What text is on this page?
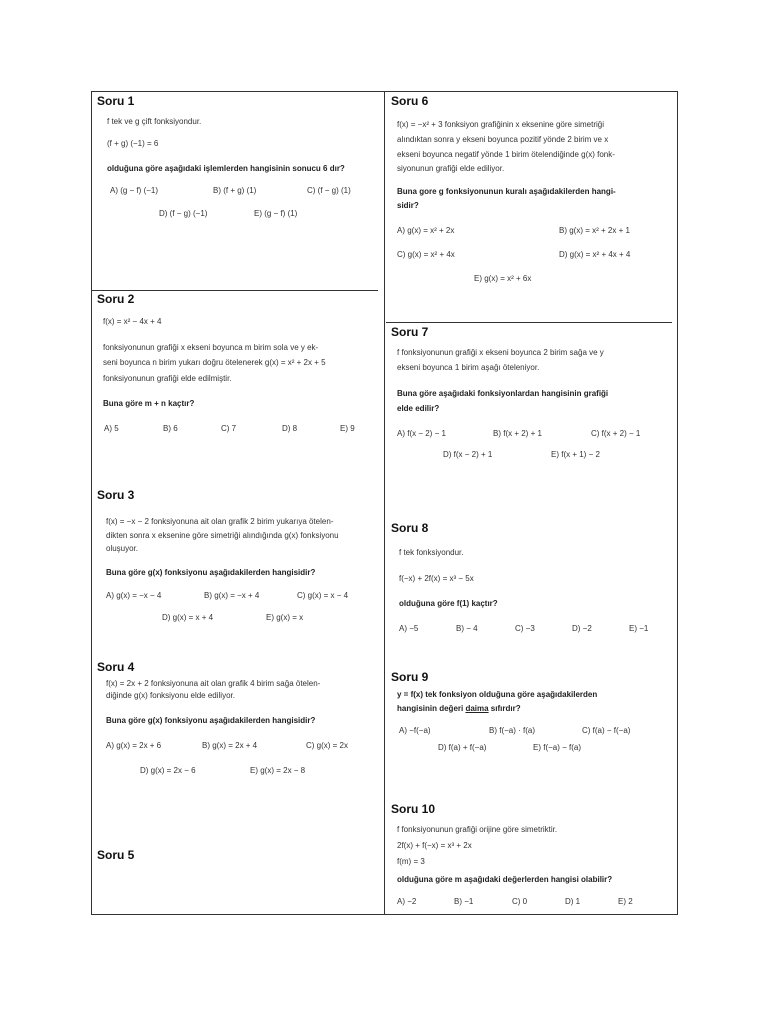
Soru 1
f tek ve g çift fonksiyondur.
(f + g) (−1) = 6
olduğuna göre aşağıdaki işlemlerden hangisinin sonucu 6 dır?
A) (g − f) (−1)	B) (f + g) (1)	C) (f − g) (1)
D) (f − g) (−1)	E) (g − f) (1)
Soru 2
f(x) = x² − 4x + 4
fonksiyonunun grafiği x ekseni boyunca m birim sola ve y ek-
seni boyunca n birim yukarı doğru ötelenerek g(x) = x² + 2x + 5
fonksiyonunun grafiği elde edilmiştir.
Buna göre m + n kaçtır?
A) 5	B) 6	C) 7	D) 8	E) 9
Soru 3
f(x) = −x − 2 fonksiyonuna ait olan grafik 2 birim yukarıya ötelen-
dikten sonra x eksenine göre simetriği alındığında g(x) fonksiyonu
oluşuyor.
Buna göre g(x) fonksiyonu aşağıdakilerden hangisidir?
A) g(x) = −x − 4	B) g(x) = −x + 4	C) g(x) = x − 4
D) g(x) = x + 4	E) g(x) = x
Soru 4
f(x) = 2x + 2 fonksiyonuna ait olan grafik 4 birim sağa ötelen-
diğinde g(x) fonksiyonu elde ediliyor.
Buna göre g(x) fonksiyonu aşağıdakilerden hangisidir?
A) g(x) = 2x + 6	B) g(x) = 2x + 4	C) g(x) = 2x
D) g(x) = 2x − 6	E) g(x) = 2x − 8
Soru 5
Soru 6
f(x) = −x² + 3 fonksiyon grafiğinin x eksenine göre simetriği
alındıktan sonra y ekseni boyunca pozitif yönde 2 birim ve x
ekseni boyunca negatif yönde 1 birim ötelendiğinde g(x) fonk-
siyonunun grafiği elde ediliyor.
Buna gore g fonksiyonunun kuralı aşağıdakilerden hangi-
sidir?
A) g(x) = x² + 2x	B) g(x) = x² + 2x + 1
C) g(x) = x² + 4x	D) g(x) = x² + 4x + 4
E) g(x) = x² + 6x
Soru 7
f fonksiyonunun grafiği x ekseni boyunca 2 birim sağa ve y
ekseni boyunca 1 birim aşağı öteleniyor.
Buna göre aşağıdaki fonksiyonlardan hangisinin grafiği
elde edilir?
A) f(x − 2) − 1	B) f(x + 2) + 1	C) f(x + 2) − 1
D) f(x − 2) + 1	E) f(x + 1) − 2
Soru 8
f tek fonksiyondur.
f(−x) + 2f(x) = x³ − 5x
olduğuna göre f(1) kaçtır?
A) −5	B) − 4	C) −3	D) −2	E) −1
Soru 9
y = f(x) tek fonksiyon olduğuna göre aşağıdakilerden
hangisinin değeri daima sıfırdır?
A) −f(−a)	B) f(−a) · f(a)	C) f(a) − f(−a)
D) f(a) + f(−a)	E) f(−a) − f(a)
Soru 10
f fonksiyonunun grafiği orijine göre simetriktir.
2f(x) + f(−x) = x³ + 2x
f(m) = 3
olduğuna göre m aşağıdaki değerlerden hangisi olabilir?
A) −2	B) −1	C) 0	D) 1	E) 2
